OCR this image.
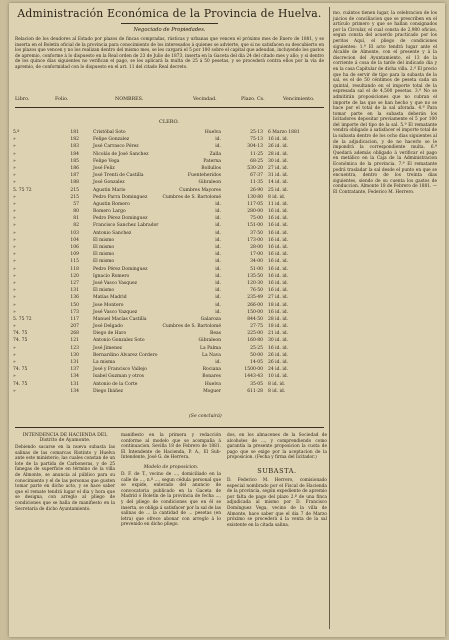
Administración Económica de la Provincia de Huelva.
Negociado de Propiedades.

Relacion de los deudores al Estado por plazos de fincas compradas, rústicas y urbanas que vencen el próximo mes de Enero de 1881, y se inserta en el Boletín oficial de la provincia para conocimiento de los interesados á quienes se advierte, que si no satisfacen su descubierto en los plazos que vencen y no los realizan dentro del mismo mes, se les cargará el 5 por 100 sobre el capital que adeudan, incluyendo los gastos de apremio, conforme á lo dispuesto en la Real orden de 23 de Julio de 1873, inserta en la Gaceta del día 24 del citado mes y año; y si dentro de los quince días siguientes no verifican el pago, se les aplicará la multa de 25 á 50 pesetas, y se procederá contra ellos por la vía de apremio, de conformidad con lo dispuesto en el art. 11 del citado Real decreto.

Libro.	Folio.	NOMBRES.	Vecindad.	Plazo. Cs.	Vencimiento.
CLERO.
5.º	181	Cristóbal Soto	Huelva	25·13 6 Marzo 1881
»	182	Felipe Gonzalez	id.	75·13 16 id. id.
»	183	José Carrasco Pérez	id.	304·13 26 id. id.
»	184	Nicolás de José Sanchez	Zalla	11·25 28 id. id.
»	185	Felipe Vega	Paterna	68·25 30 id. id.
»	186	José Feliz	Bollullos	530·20 27 id. id.
»	187	José Trenti de Castilla	Fuenteheridos	67·37 31 id. id.
»	188	José Gonzalez	Gibraleon	11·35 14 id. id.
5. 75 72	215	Agustin Mario	Cumbres Mayores	26·90 25 id. id.
»	215	Pedro Parra Dominguez	Cumbres de S. Bartolomé	130·80 8 id. id.
»	57	Agustin Romero	id.	117·05 11 id. id.
»	80	Romero Largo	id.	280·00 16 id. id.
»	81	Pedro Pérez Dominguez	id.	75·00 16 id. id.
»	82	Francisco Sanchez Labrador	id.	151·00 16 id. id.
»	103	Antonio Sanchez	id.	37·50 16 id. id.
»	104	El mismo	id.	173·00 16 id. id.
»	106	El mismo	id.	28·00 16 id. id.
»	109	El mismo	id.	17·00 16 id. id.
»	115	El mismo	id.	34·00 16 id. id.
»	118	Pedro Pérez Dominguez	id.	51·00 16 id. id.
»	120	Ignacio Romero	id.	135·50 16 id. id.
»	127	José Vasco Vasquez	id.	120·30 16 id. id.
»	131	El mismo	id.	76·50 16 id. id.
»	136	Matías Madrid	id.	235·49 27 id. id.
»	150	Jose Montero	id.	266·00 18 id. id.
»	173	José Vasco Vazquez	id.	150·00 16 id. id.
5. 75 72	117	Manuel Macías Castilla	Galaroza	844·50 28 id. id.
»	207	José Delgado	Cumbres de S. Bartolomé	27·75 18 id. id.
74. 75	268	Diego de Haro	Beas	225·00 21 id. id.
74. 75	121	Antonio Gonzalez Soto	Gibraleon	160·80 30 id. id.
»	123	José Jimenez	La Palma	25·25 16 id. id.
»	130	Bernardino Alvarez Cordero	La Nava	50·00 26 id. id.
»	131	La misma	id.	14·05 26 id. id.
74. 75	137	José y Francisco Vallejo	Rociana	1500·00 24 id. id.
»	134	Isabel Guzman y otros	Bonares	1443·43 10 id. id.
74. 75	131	Antonio de la Corte	Huelva	35·05 8 id. id.
»	134	Diego Ibáñez	Moguer	611·28 8 id. id.
(Se concluirá)

mo, cuántos tienen lugar, la celebracion de los juicios de conciliacion que se prescriben en el artículo primero y que se hallan consignados por la Circular, el cual consta de 2,980 oficios, segun consta del acuerdo practicado por los peritos Aquí, el pliego de condiciones siguientes: 1.ª El acto tendrá lugar ante el Alcalde de Almonte, con el presente y á la discrecion del Ayuntamiento, el 13 de la corriente á cosa de la tarde del indicado dia y en la casa Capitular de dicha villa. 2.ª El precio que ha de servir de tipo para la subasta de la sal, es el de 50 céntimos de peseta cada un quintal, resultando en el importe total de la espresada sal el de 4,500 pesetas. 3.ª No se admitirán proposiciones que no cubran el importe de las que se han hecho y que no se hace por el total de la sal aforada. 4.ª Para tomar parte en la subasta deberán los licitadores depositar previamente el 5 por 100 del importe del tipo de la sal. 5.ª El rematante vendrá obligado á satisfacer el importe total de la subasta dentro de los ocho dias siguientes al de la adjudicacion, y de no hacerlo se le impondrá la correspondiente multa. 6.ª Quedará además obligado á verificar el pago en metálico en la Caja de la Administracion Económica de la provincia. 7.ª El rematante podrá trasladar la sal desde el punto en que se encuentra, dentro de los treinta dias siguientes, siendo de su cuenta los gastos de conduccion. Almonte 18 de Febrero de 1881. —El Contratante, Federico M. Herrero.

INTENDENCIA DE HACIENDA DEL Distrito de Ayamonte.

Debiendo sacarse en la nueva subasta las salinas de las comarcas Riotinto y Huelva ante este ministerio, las cuales constan de un lote de la partida de Carboneras, y de 25 fanegas de superficie en término de la villa de Almonte, se anuncia al público para su conocimiento y el de las personas que gusten tomar parte en dicho acto, y se hace saber que el remate tendrá lugar el dia y hora que se designa, con arreglo al pliego de condiciones que se halla de manifiesto en la Secretaría de dicho Ayuntamiento.

manifiesto en la primera y redacción conforme al modelo que se acompaña á continuacion. Sevilla 18 de Febrero de 1881. El Intendente de Hacienda, P. A., El Sub-Intendente, José G. de Herrera.

Modelo de proposicion.

D. F. de T., vecino de ..., domiciliado en la calle de ..., n.º ..., segun cédula personal que se expide, enterado del anuncio de convocatoria publicado en la Gaceta de Madrid ó Boletín de la provincia de fecha ..., y del pliego de condiciones que en él se inserta, se obliga á satisfacer por la sal de las salinas de ... la cantidad de ... pesetas (en letra) que ofrece abonar con arreglo á lo prevenido en dicho pliego.

dos, en los almacenes de la Sociedad de alcoholes de ..., y comprendiendo como garantía la presente proposicion la cuota de pago que se exige por la aceptacion de la proposicion. (Fecha y firma del licitador.)

SUBASTA.

D. Federico M. Herrero, comisionado especial nombrado por el Fiscal de Hacienda de la provincia, según expediente de apremio por falta de pago del plazo 2.º de una finca adjudicada al mismo por D. Francisco Domínguez Vega, vecino de la villa de Almonte, hace saber que el dia 7 de Marzo próximo se procederá á la venta de la sal existente en la citada salina.
